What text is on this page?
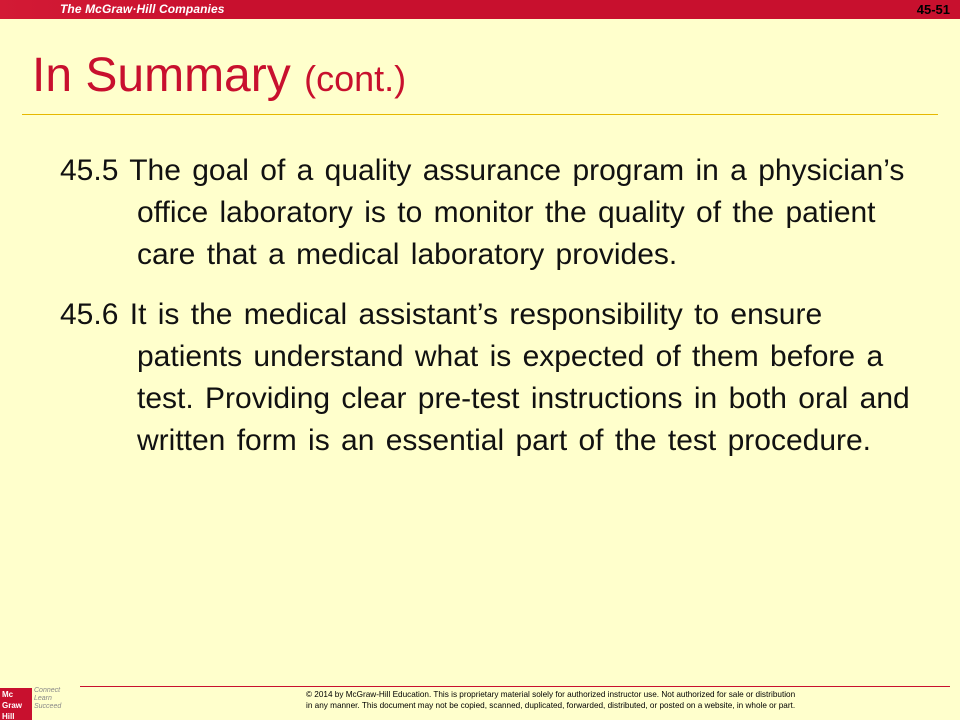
The McGraw·Hill Companies	45-51
In Summary (cont.)

45.5 The goal of a quality assurance program in a physician’s office laboratory is to monitor the quality of the patient care that a medical laboratory provides.

45.6 It is the medical assistant’s responsibility to ensure patients understand what is expected of them before a test. Providing clear pre-test instructions in both oral and written form is an essential part of the test procedure.

Mc
Graw
Hill
Connect
Learn
Succeed
© 2014 by McGraw-Hill Education. This is proprietary material solely for authorized instructor use. Not authorized for sale or distribution
in any manner. This document may not be copied, scanned, duplicated, forwarded, distributed, or posted on a website, in whole or part.
